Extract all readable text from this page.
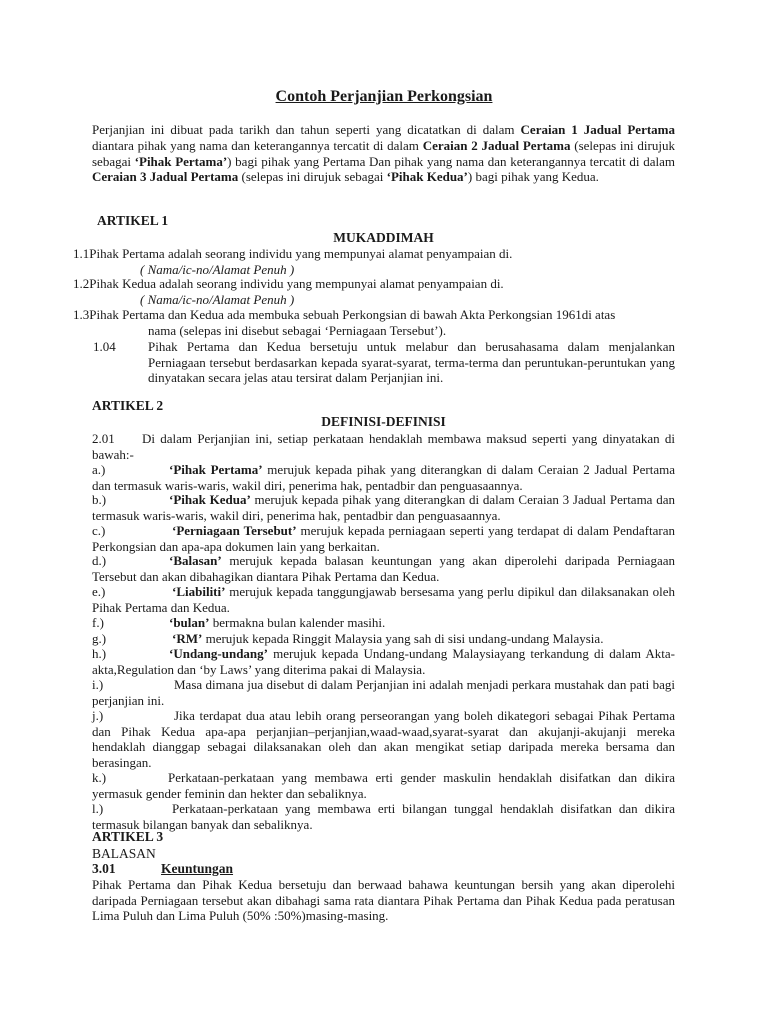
Contoh Perjanjian Perkongsian
Perjanjian ini dibuat pada tarikh dan tahun seperti yang dicatatkan di dalam Ceraian 1 Jadual Pertama diantara pihak yang nama dan keterangannya tercatit di dalam Ceraian 2 Jadual Pertama (selepas ini dirujuk sebagai ‘Pihak Pertama’) bagi pihak yang Pertama Dan pihak yang nama dan keterangannya tercatit di dalam Ceraian 3 Jadual Pertama (selepas ini dirujuk sebagai ‘Pihak Kedua’) bagi pihak yang Kedua.
ARTIKEL 1
MUKADDIMAH
1.1Pihak Pertama adalah seorang individu yang mempunyai alamat penyampaian di.
( Nama/ic-no/Alamat Penuh )
1.2Pihak Kedua adalah seorang individu yang mempunyai alamat penyampaian di.
( Nama/ic-no/Alamat Penuh )
1.3Pihak Pertama dan Kedua ada membuka sebuah Perkongsian di bawah Akta Perkongsian 1961di atas
nama (selepas ini disebut sebagai ‘Perniagaan Tersebut’).
1.04 Pihak Pertama dan Kedua bersetuju untuk melabur dan berusahasama dalam menjalankan Perniagaan tersebut berdasarkan kepada syarat-syarat, terma-terma dan peruntukan-peruntukan yang dinyatakan secara jelas atau tersirat dalam Perjanjian ini.
ARTIKEL 2
DEFINISI-DEFINISI
2.01 Di dalam Perjanjian ini, setiap perkataan hendaklah membawa maksud seperti yang dinyatakan di bawah:-
a.)	‘Pihak Pertama’ merujuk kepada pihak yang diterangkan di dalam Ceraian 2 Jadual Pertama dan termasuk waris-waris, wakil diri, penerima hak, pentadbir dan penguasaannya.
b.)	‘Pihak Kedua’ merujuk kepada pihak yang diterangkan di dalam Ceraian 3 Jadual Pertama dan termasuk waris-waris, wakil diri, penerima hak, pentadbir dan penguasaannya.
c.)	‘Perniagaan Tersebut’ merujuk kepada perniagaan seperti yang terdapat di dalam Pendaftaran Perkongsian dan apa-apa dokumen lain yang berkaitan.
d.)	‘Balasan’ merujuk kepada balasan keuntungan yang akan diperolehi daripada Perniagaan Tersebut dan akan dibahagikan diantara Pihak Pertama dan Kedua.
e.)	‘Liabiliti’ merujuk kepada tanggungjawab bersesama yang perlu dipikul dan dilaksanakan oleh Pihak Pertama dan Kedua.
f.)	‘bulan’ bermakna bulan kalender masihi.
g.)	‘RM’ merujuk kepada Ringgit Malaysia yang sah di sisi undang-undang Malaysia.
h.)	‘Undang-undang’ merujuk kepada Undang-undang Malaysiayang terkandung di dalam Akta-akta,Regulation dan ‘by Laws’ yang diterima pakai di Malaysia.
i.)	Masa dimana jua disebut di dalam Perjanjian ini adalah menjadi perkara mustahak dan pati bagi perjanjian ini.
j.)	Jika terdapat dua atau lebih orang perseorangan yang boleh dikategori sebagai Pihak Pertama dan Pihak Kedua apa-apa perjanjian–perjanjian,waad-waad,syarat-syarat dan akujanji-akujanji mereka hendaklah dianggap sebagai dilaksanakan oleh dan akan mengikat setiap daripada mereka bersama dan berasingan.
k.)	Perkataan-perkataan yang membawa erti gender maskulin hendaklah disifatkan dan dikira yermasuk gender feminin dan hekter dan sebaliknya.
l.)	Perkataan-perkataan yang membawa erti bilangan tunggal hendaklah disifatkan dan dikira termasuk bilangan banyak dan sebaliknya.
ARTIKEL 3
BALASAN
3.01	Keuntungan
Pihak Pertama dan Pihak Kedua bersetuju dan berwaad bahawa keuntungan bersih yang akan diperolehi daripada Perniagaan tersebut akan dibahagi sama rata diantara Pihak Pertama dan Pihak Kedua pada peratusan Lima Puluh dan Lima Puluh (50% :50%)masing-masing.
